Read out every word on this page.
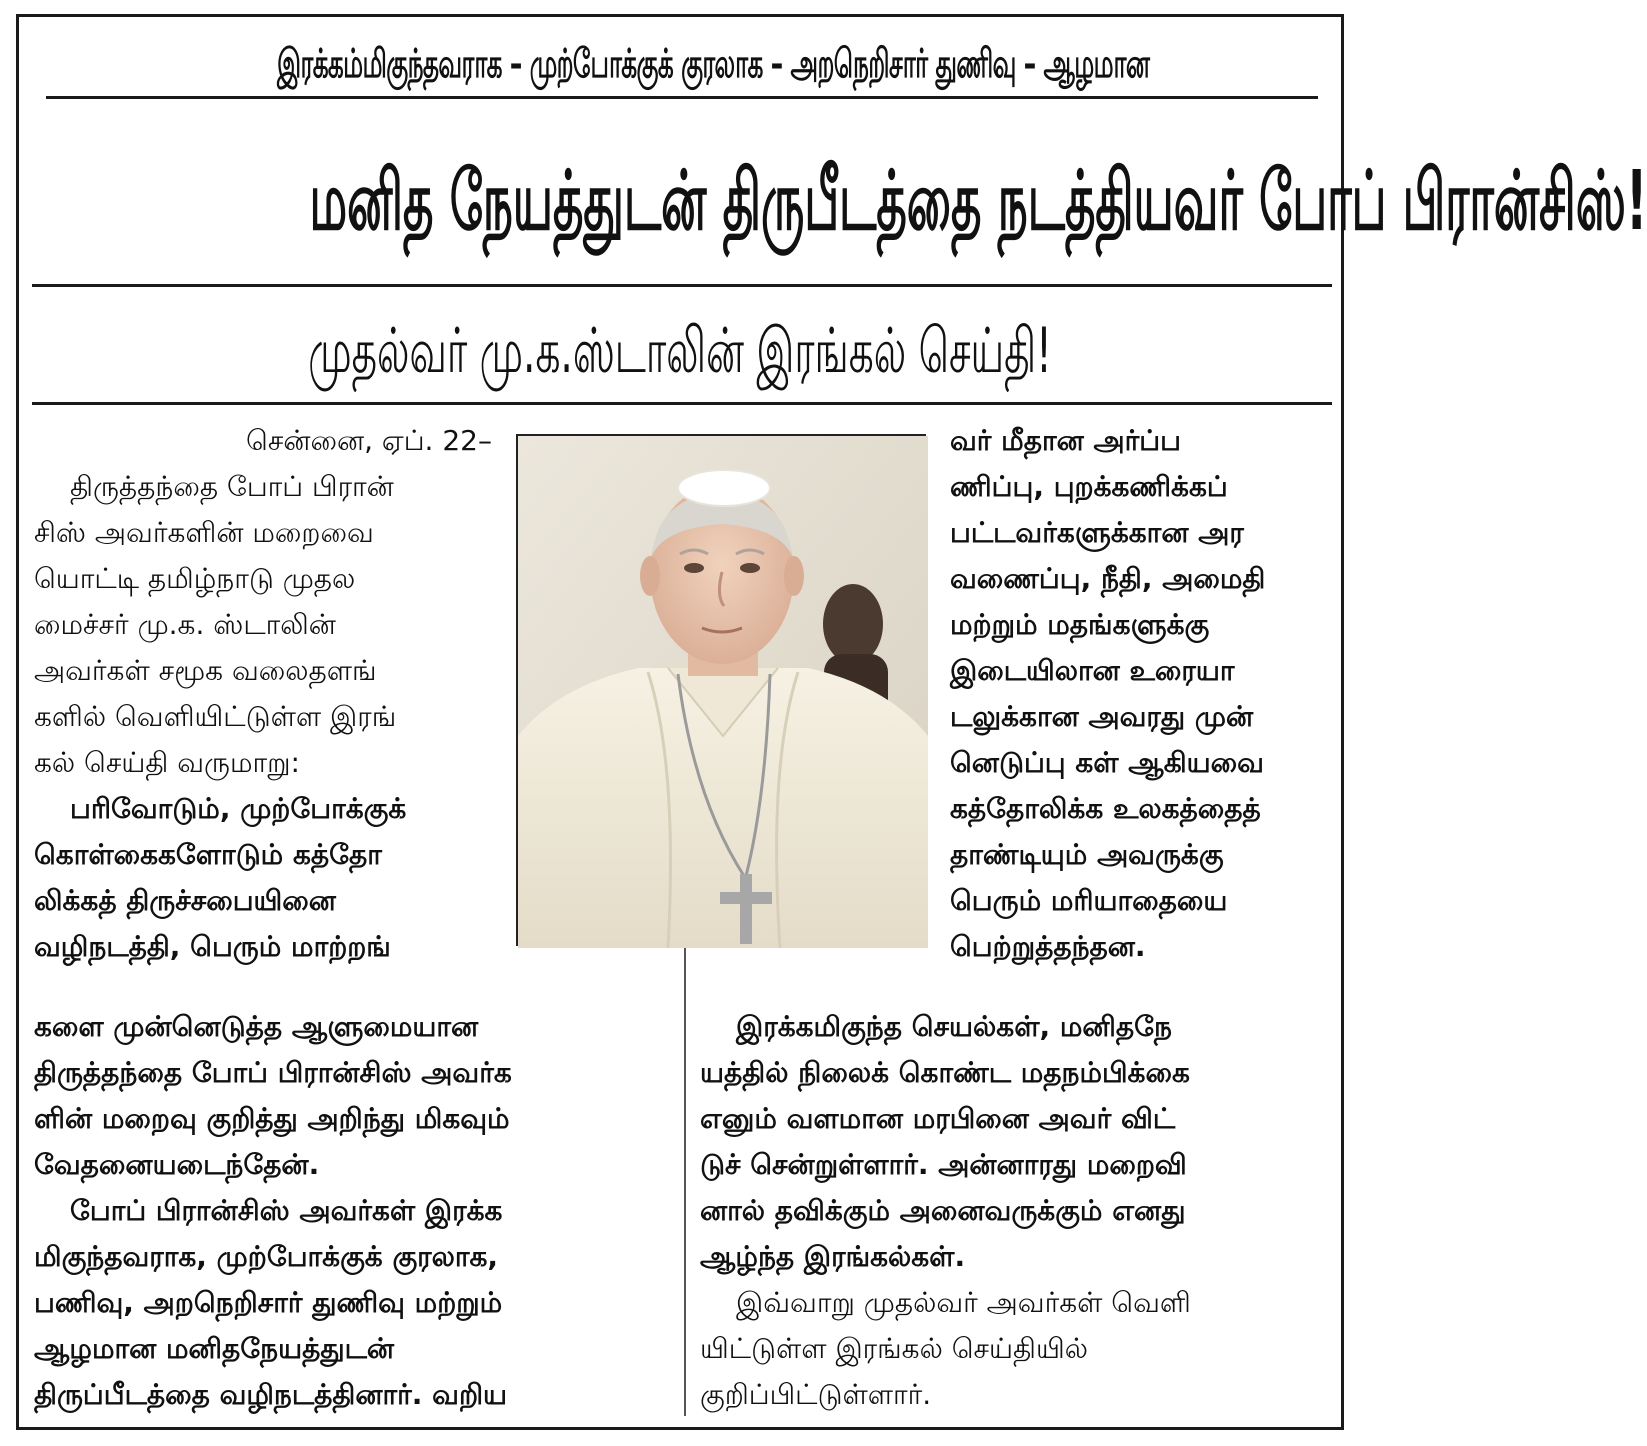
இரக்கம்மிகுந்தவராக – முற்போக்குக் குரலாக – அறநெறிசார் துணிவு – ஆழமான
மனித நேயத்துடன் திருபீடத்தை நடத்தியவர் போப் பிரான்சிஸ்!
முதல்வர் மு.க.ஸ்டாலின் இரங்கல் செய்தி!
சென்னை, ஏப். 22–
திருத்தந்தை போப் பிரான்
சிஸ் அவர்களின் மறைவை
யொட்டி தமிழ்நாடு முதல
மைச்சர் மு.க. ஸ்டாலின்
அவர்கள் சமூக வலைதளங்
களில் வெளியிட்டுள்ள இரங்
கல் செய்தி வருமாறு:
பரிவோடும், முற்போக்குக்
கொள்கைகளோடும் கத்தோ
லிக்கத் திருச்சபையினை
வழிநடத்தி, பெரும் மாற்றங்
களை முன்னெடுத்த ஆளுமையான
திருத்தந்தை போப் பிரான்சிஸ் அவர்க
ளின் மறைவு குறித்து அறிந்து மிகவும்
வேதனையடைந்தேன்.
போப் பிரான்சிஸ் அவர்கள் இரக்க
மிகுந்தவராக, முற்போக்குக் குரலாக,
பணிவு, அறநெறிசார் துணிவு மற்றும்
ஆழமான மனிதநேயத்துடன்
திருப்பீடத்தை வழிநடத்தினார். வறிய
வர் மீதான அர்ப்ப
ணிப்பு, புறக்கணிக்கப்
பட்டவர்களுக்கான அர
வணைப்பு, நீதி, அமைதி
மற்றும் மதங்களுக்கு
இடையிலான உரையா
டலுக்கான அவரது முன்
னெடுப்பு கள் ஆகியவை
கத்தோலிக்க உலகத்தைத்
தாண்டியும் அவருக்கு
பெரும் மரியாதையை
பெற்றுத்தந்தன.
இரக்கமிகுந்த செயல்கள், மனிதநே
யத்தில் நிலைக் கொண்ட மதநம்பிக்கை
எனும் வளமான மரபினை அவர் விட்
டுச் சென்றுள்ளார். அன்னாரது மறைவி
னால் தவிக்கும் அனைவருக்கும் எனது
ஆழ்ந்த இரங்கல்கள்.
இவ்வாறு முதல்வர் அவர்கள் வெளி
யிட்டுள்ள இரங்கல் செய்தியில்
குறிப்பிட்டுள்ளார்.
